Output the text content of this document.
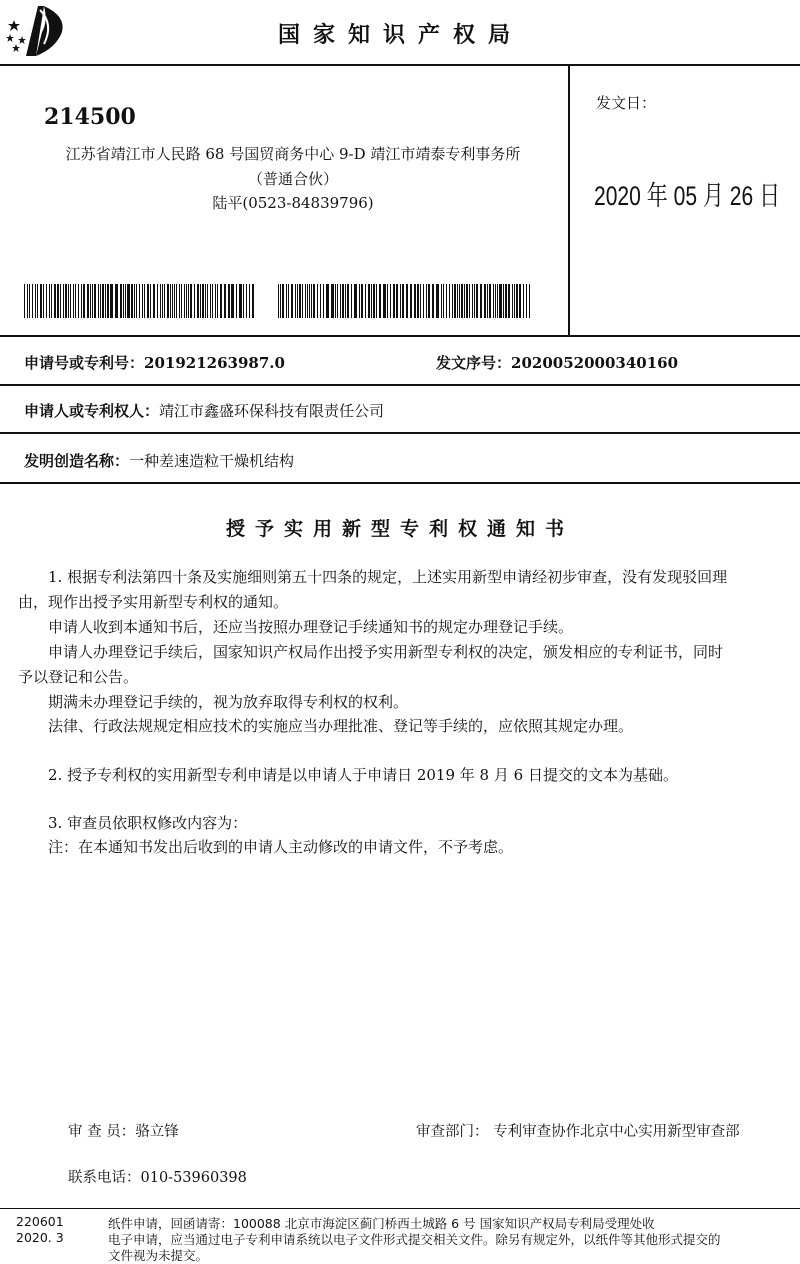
国家知识产权局
214500
江苏省靖江市人民路 68 号国贸商务中心 9-D 靖江市靖泰专利事务所
（普通合伙）
陆平(0523-84839796)
发文日：
2020 年 05 月 26 日
申请号或专利号：201921263987.0	发文序号：2020052000340160
申请人或专利权人：靖江市鑫盛环保科技有限责任公司
发明创造名称：一种差速造粒干燥机结构
授予实用新型专利权通知书
1. 根据专利法第四十条及实施细则第五十四条的规定，上述实用新型申请经初步审查，没有发现驳回理
由，现作出授予实用新型专利权的通知。
申请人收到本通知书后，还应当按照办理登记手续通知书的规定办理登记手续。
申请人办理登记手续后，国家知识产权局作出授予实用新型专利权的决定，颁发相应的专利证书，同时
予以登记和公告。
期满未办理登记手续的，视为放弃取得专利权的权利。
法律、行政法规规定相应技术的实施应当办理批准、登记等手续的，应依照其规定办理。
2. 授予专利权的实用新型专利申请是以申请人于申请日 2019 年 8 月 6 日提交的文本为基础。
3. 审查员依职权修改内容为：
注：在本通知书发出后收到的申请人主动修改的申请文件，不予考虑。
审 查 员：骆立锋	审查部门： 专利审查协作北京中心实用新型审查部
联系电话：010-53960398
220601
2020. 3
纸件申请，回函请寄：100088 北京市海淀区蓟门桥西土城路 6 号 国家知识产权局专利局受理处收
电子申请，应当通过电子专利申请系统以电子文件形式提交相关文件。除另有规定外，以纸件等其他形式提交的
文件视为未提交。
